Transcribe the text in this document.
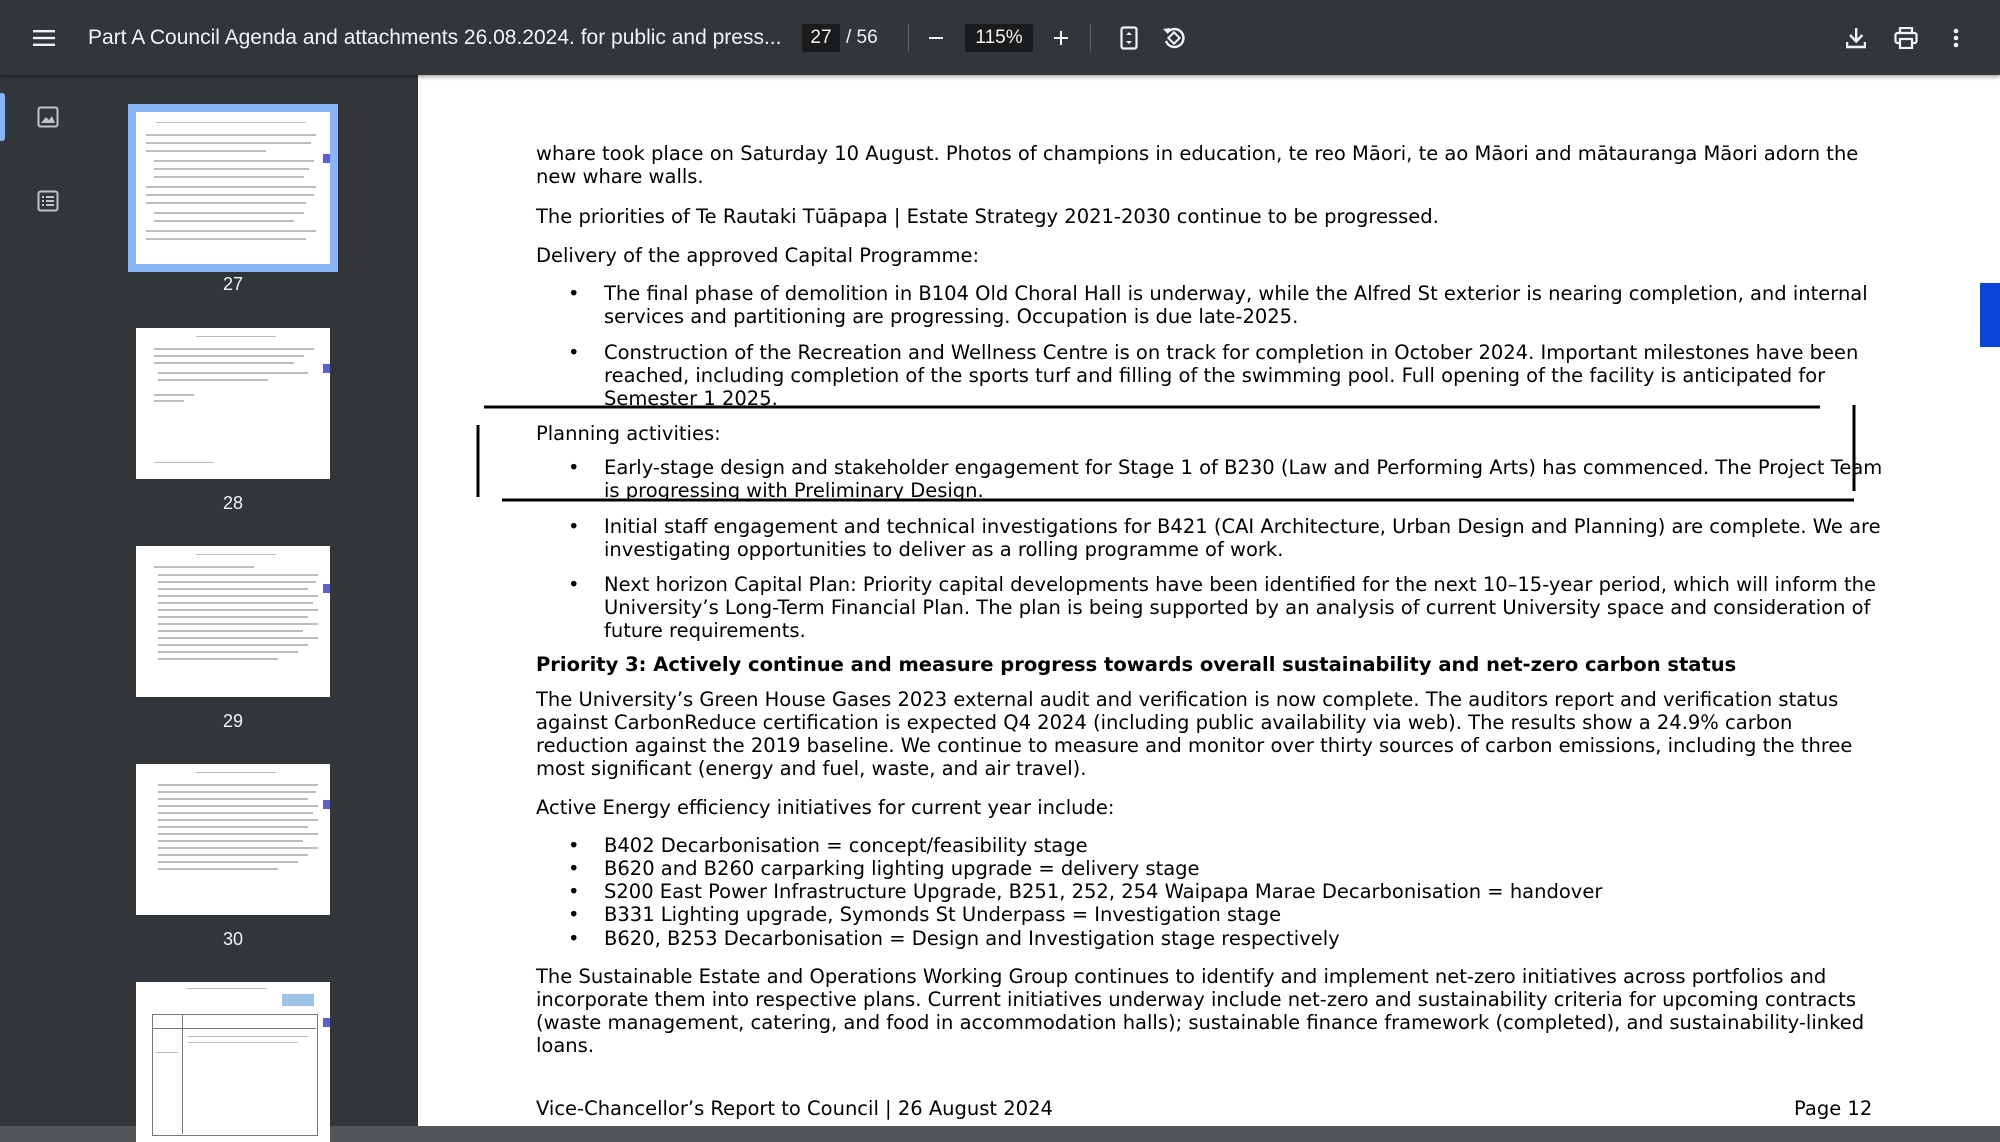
Part A Council Agenda and attachments 26.08.2024. for public and press...	27 / 56	115%
27
28
29
30

whare took place on Saturday 10 August. Photos of champions in education, te reo Māori, te ao Māori and mātauranga Māori adorn the new whare walls.

The priorities of Te Rautaki Tūāpapa | Estate Strategy 2021-2030 continue to be progressed.

Delivery of the approved Capital Programme:

• The final phase of demolition in B104 Old Choral Hall is underway, while the Alfred St exterior is nearing completion, and internal services and partitioning are progressing. Occupation is due late-2025.

• Construction of the Recreation and Wellness Centre is on track for completion in October 2024. Important milestones have been reached, including completion of the sports turf and filling of the swimming pool. Full opening of the facility is anticipated for Semester 1 2025.

Planning activities:

• Early-stage design and stakeholder engagement for Stage 1 of B230 (Law and Performing Arts) has commenced. The Project Team is progressing with Preliminary Design.

• Initial staff engagement and technical investigations for B421 (CAI Architecture, Urban Design and Planning) are complete. We are investigating opportunities to deliver as a rolling programme of work.

• Next horizon Capital Plan: Priority capital developments have been identified for the next 10–15-year period, which will inform the University’s Long-Term Financial Plan. The plan is being supported by an analysis of current University space and consideration of future requirements.

Priority 3: Actively continue and measure progress towards overall sustainability and net-zero carbon status

The University’s Green House Gases 2023 external audit and verification is now complete. The auditors report and verification status against CarbonReduce certification is expected Q4 2024 (including public availability via web). The results show a 24.9% carbon reduction against the 2019 baseline. We continue to measure and monitor over thirty sources of carbon emissions, including the three most significant (energy and fuel, waste, and air travel).

Active Energy efficiency initiatives for current year include:

• B402 Decarbonisation = concept/feasibility stage

• B620 and B260 carparking lighting upgrade = delivery stage

• S200 East Power Infrastructure Upgrade, B251, 252, 254 Waipapa Marae Decarbonisation = handover

• B331 Lighting upgrade, Symonds St Underpass = Investigation stage

• B620, B253 Decarbonisation = Design and Investigation stage respectively

The Sustainable Estate and Operations Working Group continues to identify and implement net-zero initiatives across portfolios and incorporate them into respective plans. Current initiatives underway include net-zero and sustainability criteria for upcoming contracts (waste management, catering, and food in accommodation halls); sustainable finance framework (completed), and sustainability-linked loans.

Vice-Chancellor’s Report to Council | 26 August 2024	Page 12
